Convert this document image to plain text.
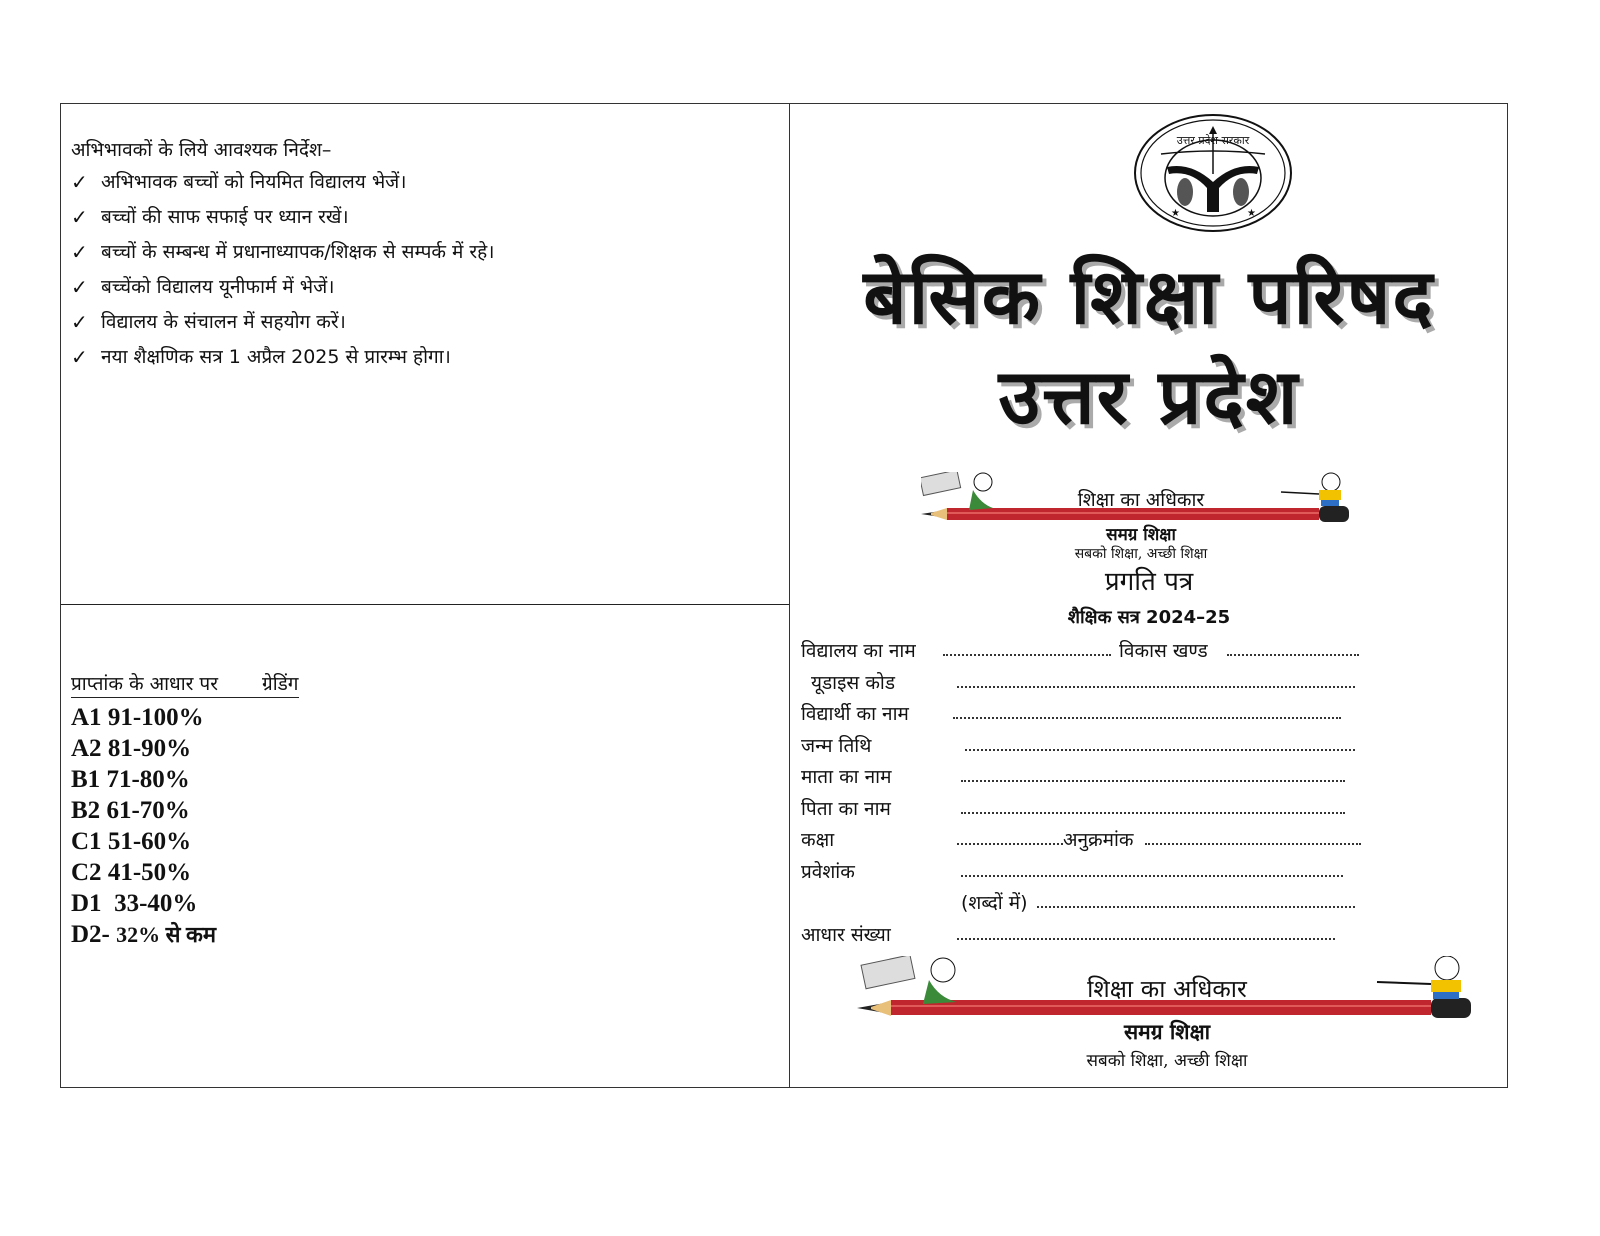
अभिभावकों के लिये आवश्यक निर्देश–
✓ अभिभावक बच्चों को नियमित विद्यालय भेजें।
✓ बच्चों की साफ सफाई पर ध्यान रखें।
✓ बच्चों के सम्बन्ध में प्रधानाध्यापक/शिक्षक से सम्पर्क में रहे।
✓ बच्चेंको विद्यालय यूनीफार्म में भेजें।
✓ विद्यालय के संचालन में सहयोग करें।
✓ नया शैक्षणिक सत्र 1 अप्रैल 2025 से प्रारम्भ होगा।
प्राप्तांक के आधार पर ग्रेडिंग
A1 91-100%
A2 81-90%
B1 71-80%
B2 61-70%
C1 51-60%
C2 41-50%
D1  33-40%
D2- 32% से कम
★	★
उत्तर प्रदेश सरकार
बेसिक शिक्षा परिषद
उत्तर प्रदेश
शिक्षा का अधिकार
समग्र शिक्षा
सबको शिक्षा, अच्छी शिक्षा
प्रगति पत्र
शैक्षिक सत्र 2024–25
विद्यालय का नाम	विकास खण्ड
यूडाइस कोड
विद्यार्थी का नाम
जन्म तिथि
माता का नाम
पिता का नाम
कक्षा	अनुक्रमांक
प्रवेशांक
(शब्दों में)
आधार संख्या
शिक्षा का अधिकार
समग्र शिक्षा
सबको शिक्षा, अच्छी शिक्षा
